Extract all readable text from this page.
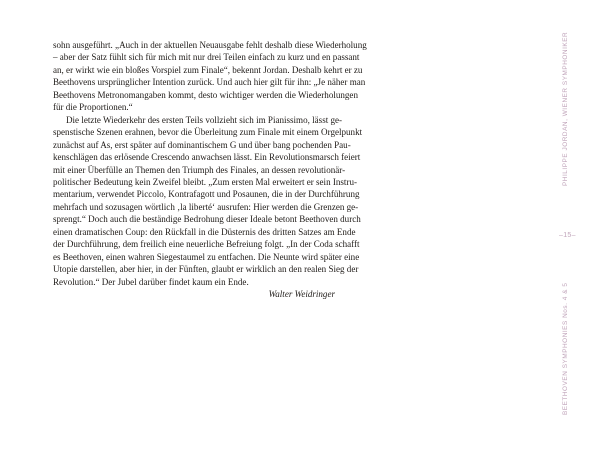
sohn ausgeführt. „Auch in der aktuellen Neuausgabe fehlt deshalb diese Wiederholung
– aber der Satz fühlt sich für mich mit nur drei Teilen einfach zu kurz und en passant
an, er wirkt wie ein bloßes Vorspiel zum Finale“, bekennt Jordan. Deshalb kehrt er zu
Beethovens ursprünglicher Intention zurück. Und auch hier gilt für ihn: „Je näher man
Beethovens Metronomangaben kommt, desto wichtiger werden die Wiederholungen
für die Proportionen.“
Die letzte Wiederkehr des ersten Teils vollzieht sich im Pianissimo, lässt ge-
spenstische Szenen erahnen, bevor die Überleitung zum Finale mit einem Orgelpunkt
zunächst auf As, erst später auf dominantischem G und über bang pochenden Pau-
kenschlägen das erlösende Crescendo anwachsen lässt. Ein Revolutionsmarsch feiert
mit einer Überfülle an Themen den Triumph des Finales, an dessen revolutionär-
politischer Bedeutung kein Zweifel bleibt. „Zum ersten Mal erweitert er sein Instru-
mentarium, verwendet Piccolo, Kontrafagott und Posaunen, die in der Durchführung
mehrfach und sozusagen wörtlich ‚la liberté‘ ausrufen: Hier werden die Grenzen ge-
sprengt.“ Doch auch die beständige Bedrohung dieser Ideale betont Beethoven durch
einen dramatischen Coup: den Rückfall in die Düsternis des dritten Satzes am Ende
der Durchführung, dem freilich eine neuerliche Befreiung folgt. „In der Coda schafft
es Beethoven, einen wahren Siegestaumel zu entfachen. Die Neunte wird später eine
Utopie darstellen, aber hier, in der Fünften, glaubt er wirklich an den realen Sieg der
Revolution.“ Der Jubel darüber findet kaum ein Ende.
Walter Weidringer
PHILIPPE JORDAN, WIENER SYMPHONIKER
–15–
BEETHOVEN SYMPHONIES Nos. 4 & 5
